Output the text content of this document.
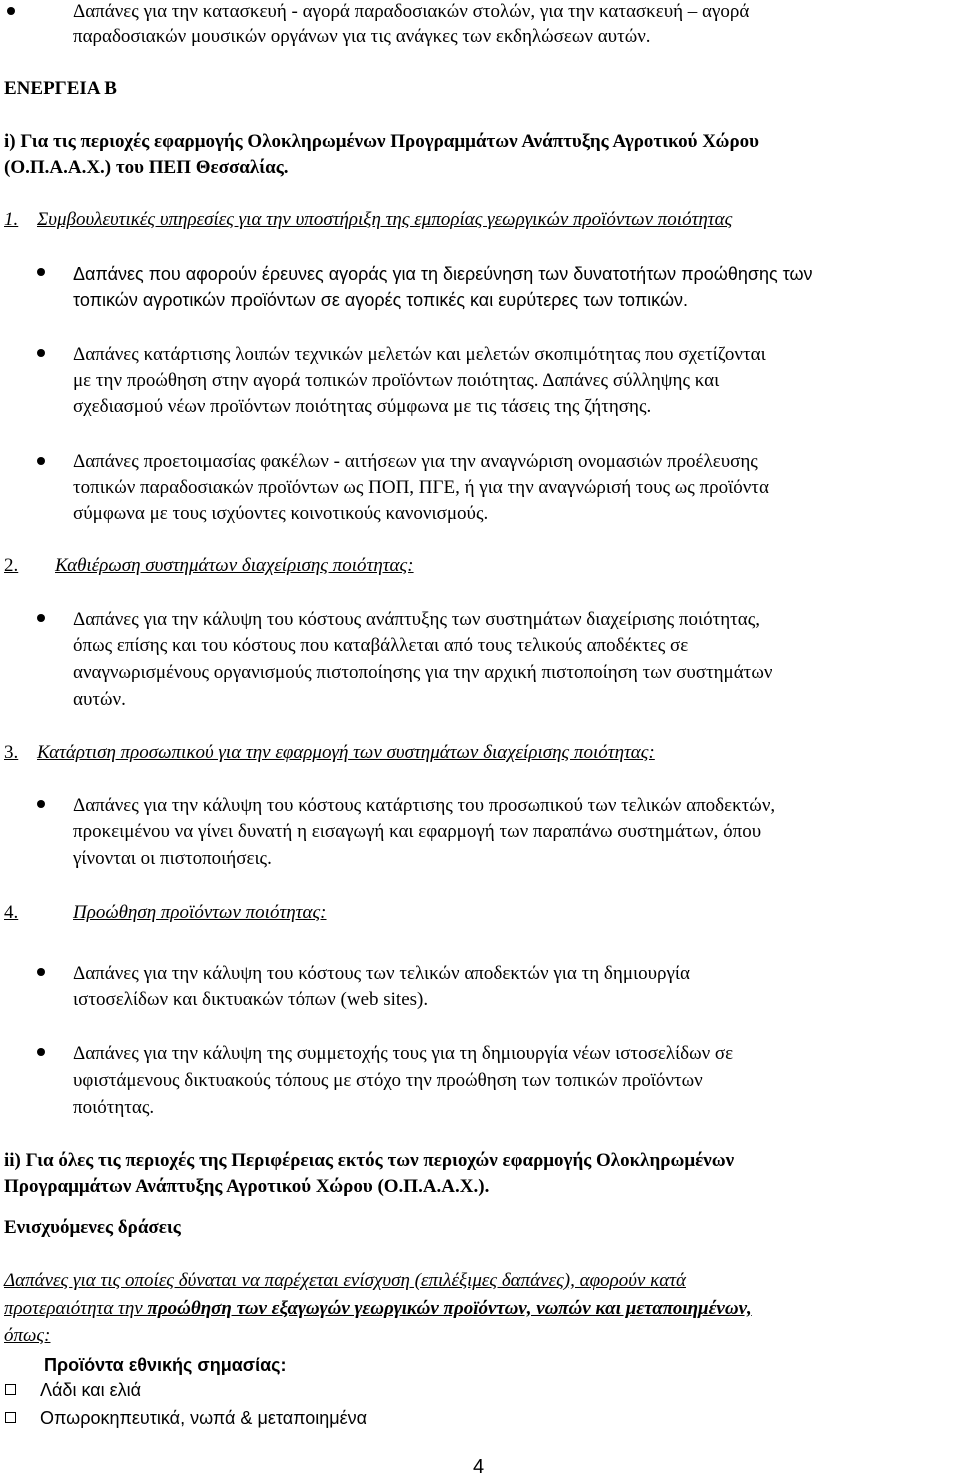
Δαπάνες για την κατασκευή - αγορά παραδοσιακών στολών, για την κατασκευή – αγορά
παραδοσιακών μουσικών οργάνων για τις ανάγκες των εκδηλώσεων αυτών.
ΕΝΕΡΓΕΙΑ Β
i) Για τις περιοχές εφαρμογής Ολοκληρωμένων Προγραμμάτων Ανάπτυξης Αγροτικού Χώρου
(Ο.Π.Α.Α.Χ.) του ΠΕΠ Θεσσαλίας.
1. Συμβουλευτικές υπηρεσίες για την υποστήριξη της εμπορίας γεωργικών προϊόντων ποιότητας
Δαπάνες που αφορούν έρευνες αγοράς για τη διερεύνηση των δυνατοτήτων προώθησης των
τοπικών αγροτικών προϊόντων σε αγορές τοπικές και ευρύτερες των τοπικών.
Δαπάνες κατάρτισης λοιπών τεχνικών μελετών και μελετών σκοπιμότητας που σχετίζονται
με την προώθηση στην αγορά τοπικών προϊόντων ποιότητας. Δαπάνες σύλληψης και
σχεδιασμού νέων προϊόντων ποιότητας σύμφωνα με τις τάσεις της ζήτησης.
Δαπάνες προετοιμασίας φακέλων - αιτήσεων για την αναγνώριση ονομασιών προέλευσης
τοπικών παραδοσιακών προϊόντων ως ΠΟΠ, ΠΓΕ, ή για την αναγνώρισή τους ως προϊόντα
σύμφωνα με τους ισχύοντες κοινοτικούς κανονισμούς.
2. Καθιέρωση συστημάτων διαχείρισης ποιότητας:
Δαπάνες για την κάλυψη του κόστους ανάπτυξης των συστημάτων διαχείρισης ποιότητας,
όπως επίσης και του κόστους που καταβάλλεται από τους τελικούς αποδέκτες σε
αναγνωρισμένους οργανισμούς πιστοποίησης για την αρχική πιστοποίηση των συστημάτων
αυτών.
3. Κατάρτιση προσωπικού για την εφαρμογή των συστημάτων διαχείρισης ποιότητας:
Δαπάνες για την κάλυψη του κόστους κατάρτισης του προσωπικού των τελικών αποδεκτών,
προκειμένου να γίνει δυνατή η εισαγωγή και εφαρμογή των παραπάνω συστημάτων, όπου
γίνονται οι πιστοποιήσεις.
4.	Προώθηση προϊόντων ποιότητας:
Δαπάνες για την κάλυψη του κόστους των τελικών αποδεκτών για τη δημιουργία
ιστοσελίδων και δικτυακών τόπων (web sites).
Δαπάνες για την κάλυψη της συμμετοχής τους για τη δημιουργία νέων ιστοσελίδων σε
υφιστάμενους δικτυακούς τόπους με στόχο την προώθηση των τοπικών προϊόντων
ποιότητας.
ii) Για όλες τις περιοχές της Περιφέρειας εκτός των περιοχών εφαρμογής Ολοκληρωμένων
Προγραμμάτων Ανάπτυξης Αγροτικού Χώρου (Ο.Π.Α.Α.Χ.).
Ενισχυόμενες δράσεις
Δαπάνες για τις οποίες δύναται να παρέχεται ενίσχυση (επιλέξιμες δαπάνες), αφορούν κατά
προτεραιότητα την προώθηση των εξαγωγών γεωργικών προϊόντων, νωπών και μεταποιημένων,
όπως:
Προϊόντα εθνικής σημασίας:
Λάδι και ελιά
Οπωροκηπευτικά, νωπά & μεταποιημένα
4
